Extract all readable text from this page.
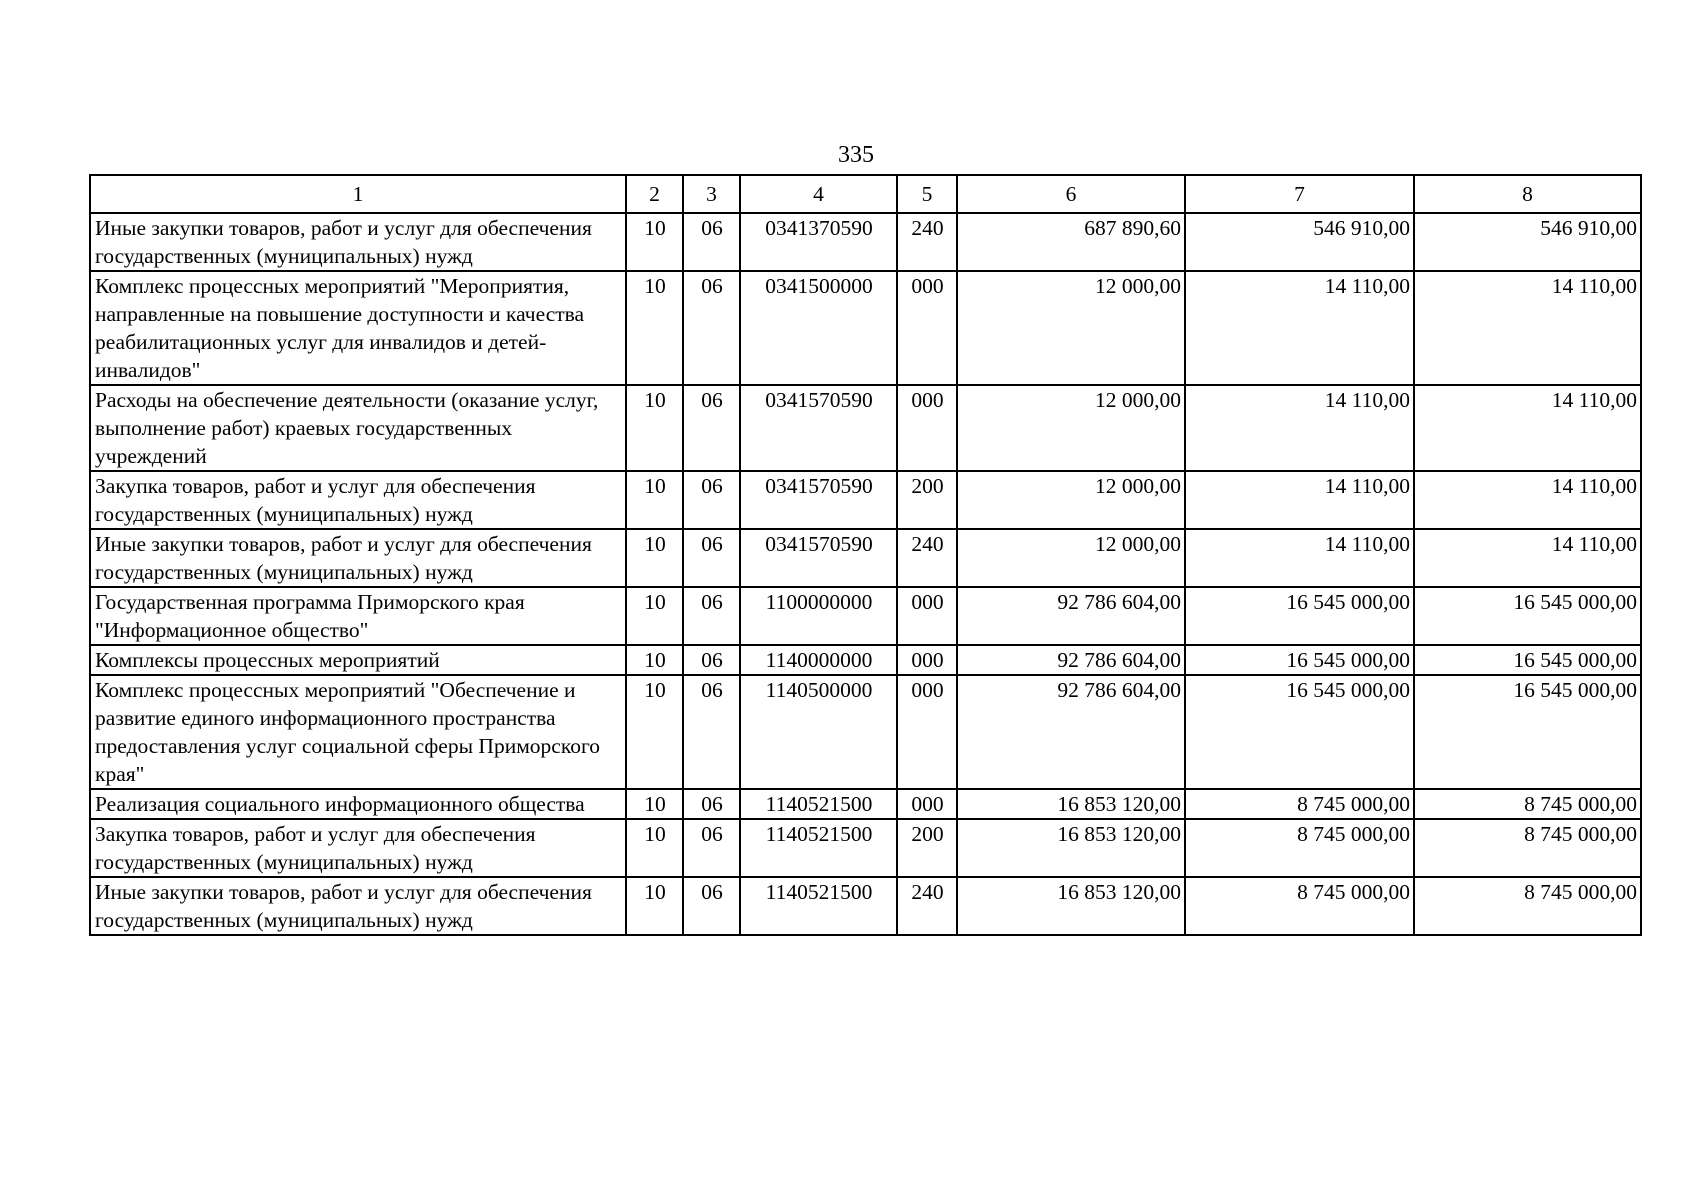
335
1	2	3	4	5	6	7	8
Иные закупки товаров, работ и услуг для обеспечения государственных (муниципальных) нужд	10	06	0341370590	240	687 890,60	546 910,00	546 910,00
Комплекс процессных мероприятий "Мероприятия, направленные на повышение доступности и качества реабилитационных услуг для инвалидов и детей-инвалидов"	10	06	0341500000	000	12 000,00	14 110,00	14 110,00
Расходы на обеспечение деятельности (оказание услуг, выполнение работ) краевых государственных учреждений	10	06	0341570590	000	12 000,00	14 110,00	14 110,00
Закупка товаров, работ и услуг для обеспечения государственных (муниципальных) нужд	10	06	0341570590	200	12 000,00	14 110,00	14 110,00
Иные закупки товаров, работ и услуг для обеспечения государственных (муниципальных) нужд	10	06	0341570590	240	12 000,00	14 110,00	14 110,00
Государственная программа Приморского края "Информационное общество"	10	06	1100000000	000	92 786 604,00	16 545 000,00	16 545 000,00
Комплексы процессных мероприятий	10	06	1140000000	000	92 786 604,00	16 545 000,00	16 545 000,00
Комплекс процессных мероприятий "Обеспечение и развитие единого информационного пространства предоставления услуг социальной сферы Приморского края"	10	06	1140500000	000	92 786 604,00	16 545 000,00	16 545 000,00
Реализация социального информационного общества	10	06	1140521500	000	16 853 120,00	8 745 000,00	8 745 000,00
Закупка товаров, работ и услуг для обеспечения государственных (муниципальных) нужд	10	06	1140521500	200	16 853 120,00	8 745 000,00	8 745 000,00
Иные закупки товаров, работ и услуг для обеспечения государственных (муниципальных) нужд	10	06	1140521500	240	16 853 120,00	8 745 000,00	8 745 000,00
